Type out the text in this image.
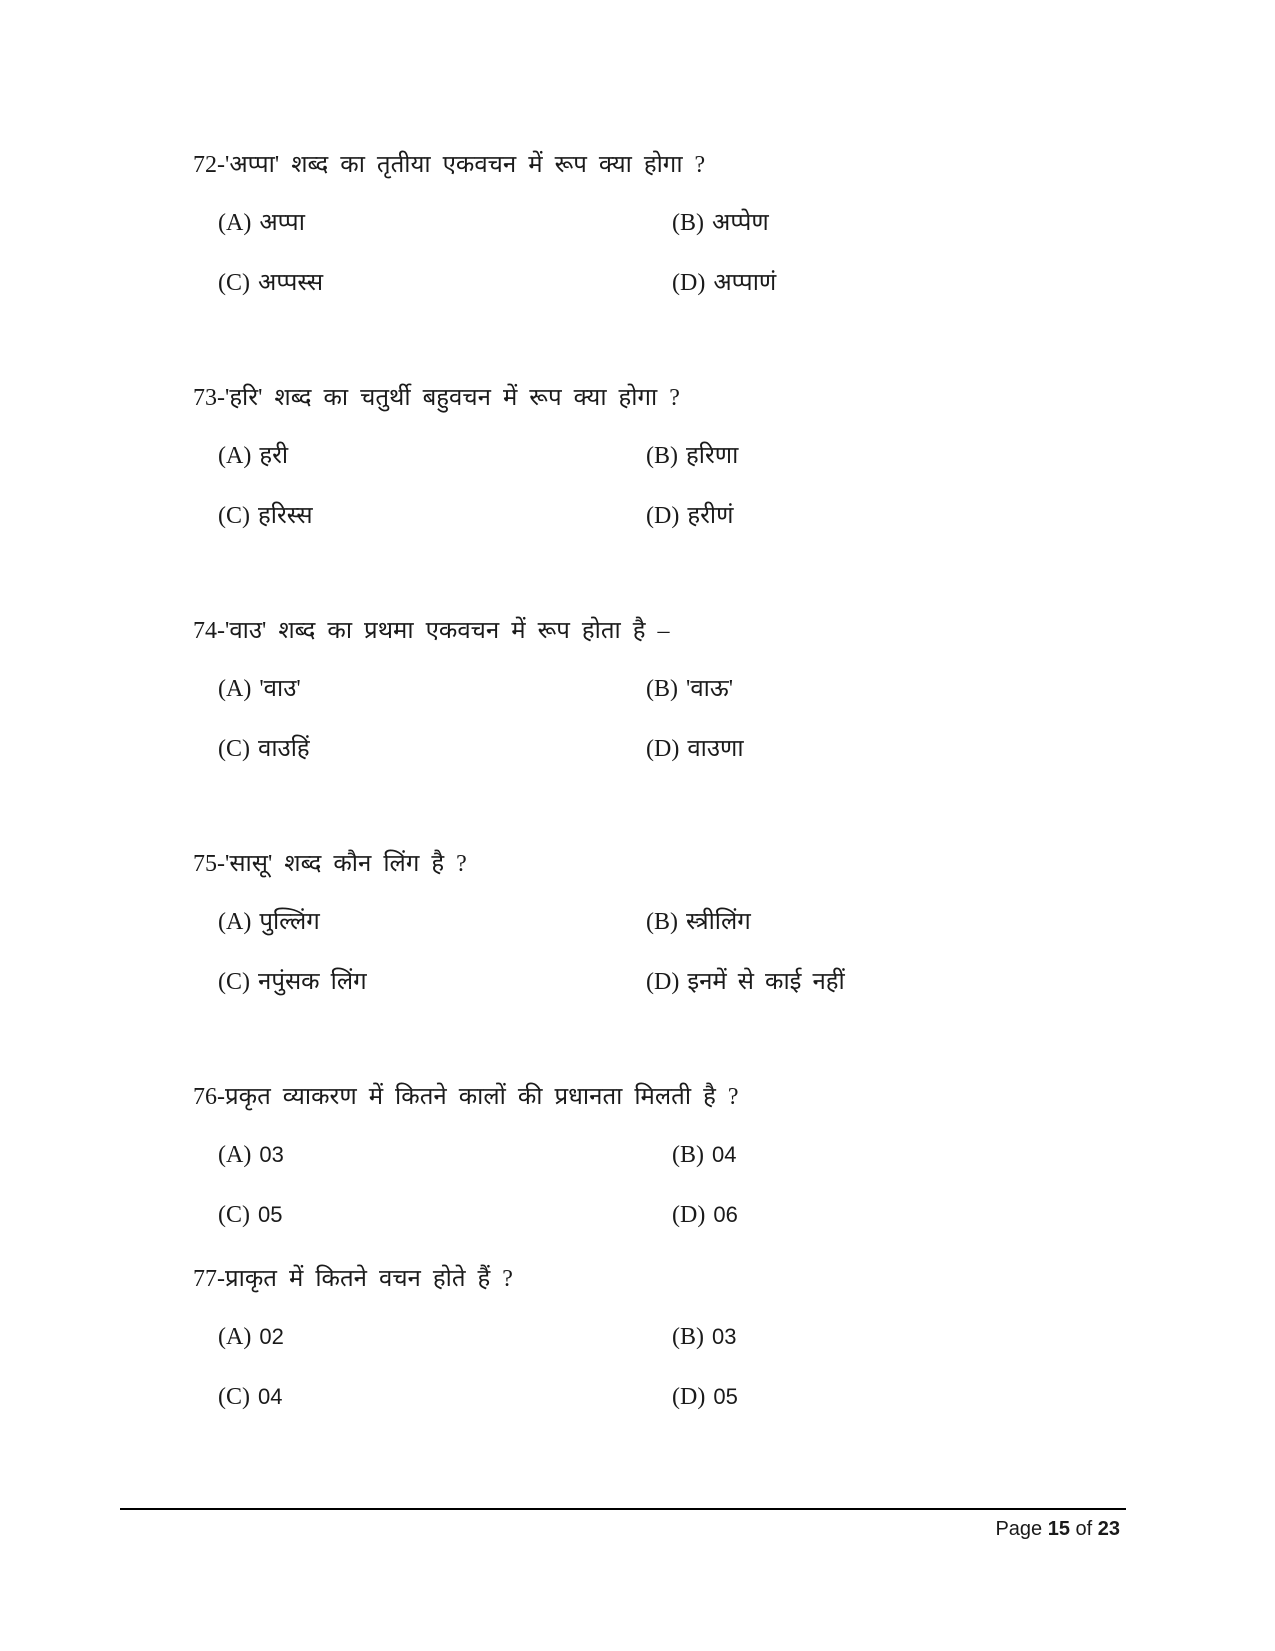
72-'अप्पा' शब्द का तृतीया एकवचन में रूप क्या होगा ?
(A) अप्पा	(B) अप्पेण
(C) अप्पस्स	(D) अप्पाणं
73-'हरि' शब्द का चतुर्थी बहुवचन में रूप क्या होगा ?
(A) हरी	(B) हरिणा
(C) हरिस्स	(D) हरीणं
74-'वाउ' शब्द का प्रथमा एकवचन में रूप होता है –
(A) 'वाउ'	(B) 'वाऊ'
(C) वाउहिं	(D) वाउणा
75-'सासू' शब्द कौन लिंग है ?
(A) पुल्लिंग	(B) स्त्रीलिंग
(C) नपुंसक लिंग	(D) इनमें से काई नहीं
76-प्रकृत व्याकरण में कितने कालों की प्रधानता मिलती है ?
(A) 03	(B) 04
(C) 05	(D) 06
77-प्राकृत में कितने वचन होते हैं ?
(A) 02	(B) 03
(C) 04	(D) 05
Page 15 of 23
